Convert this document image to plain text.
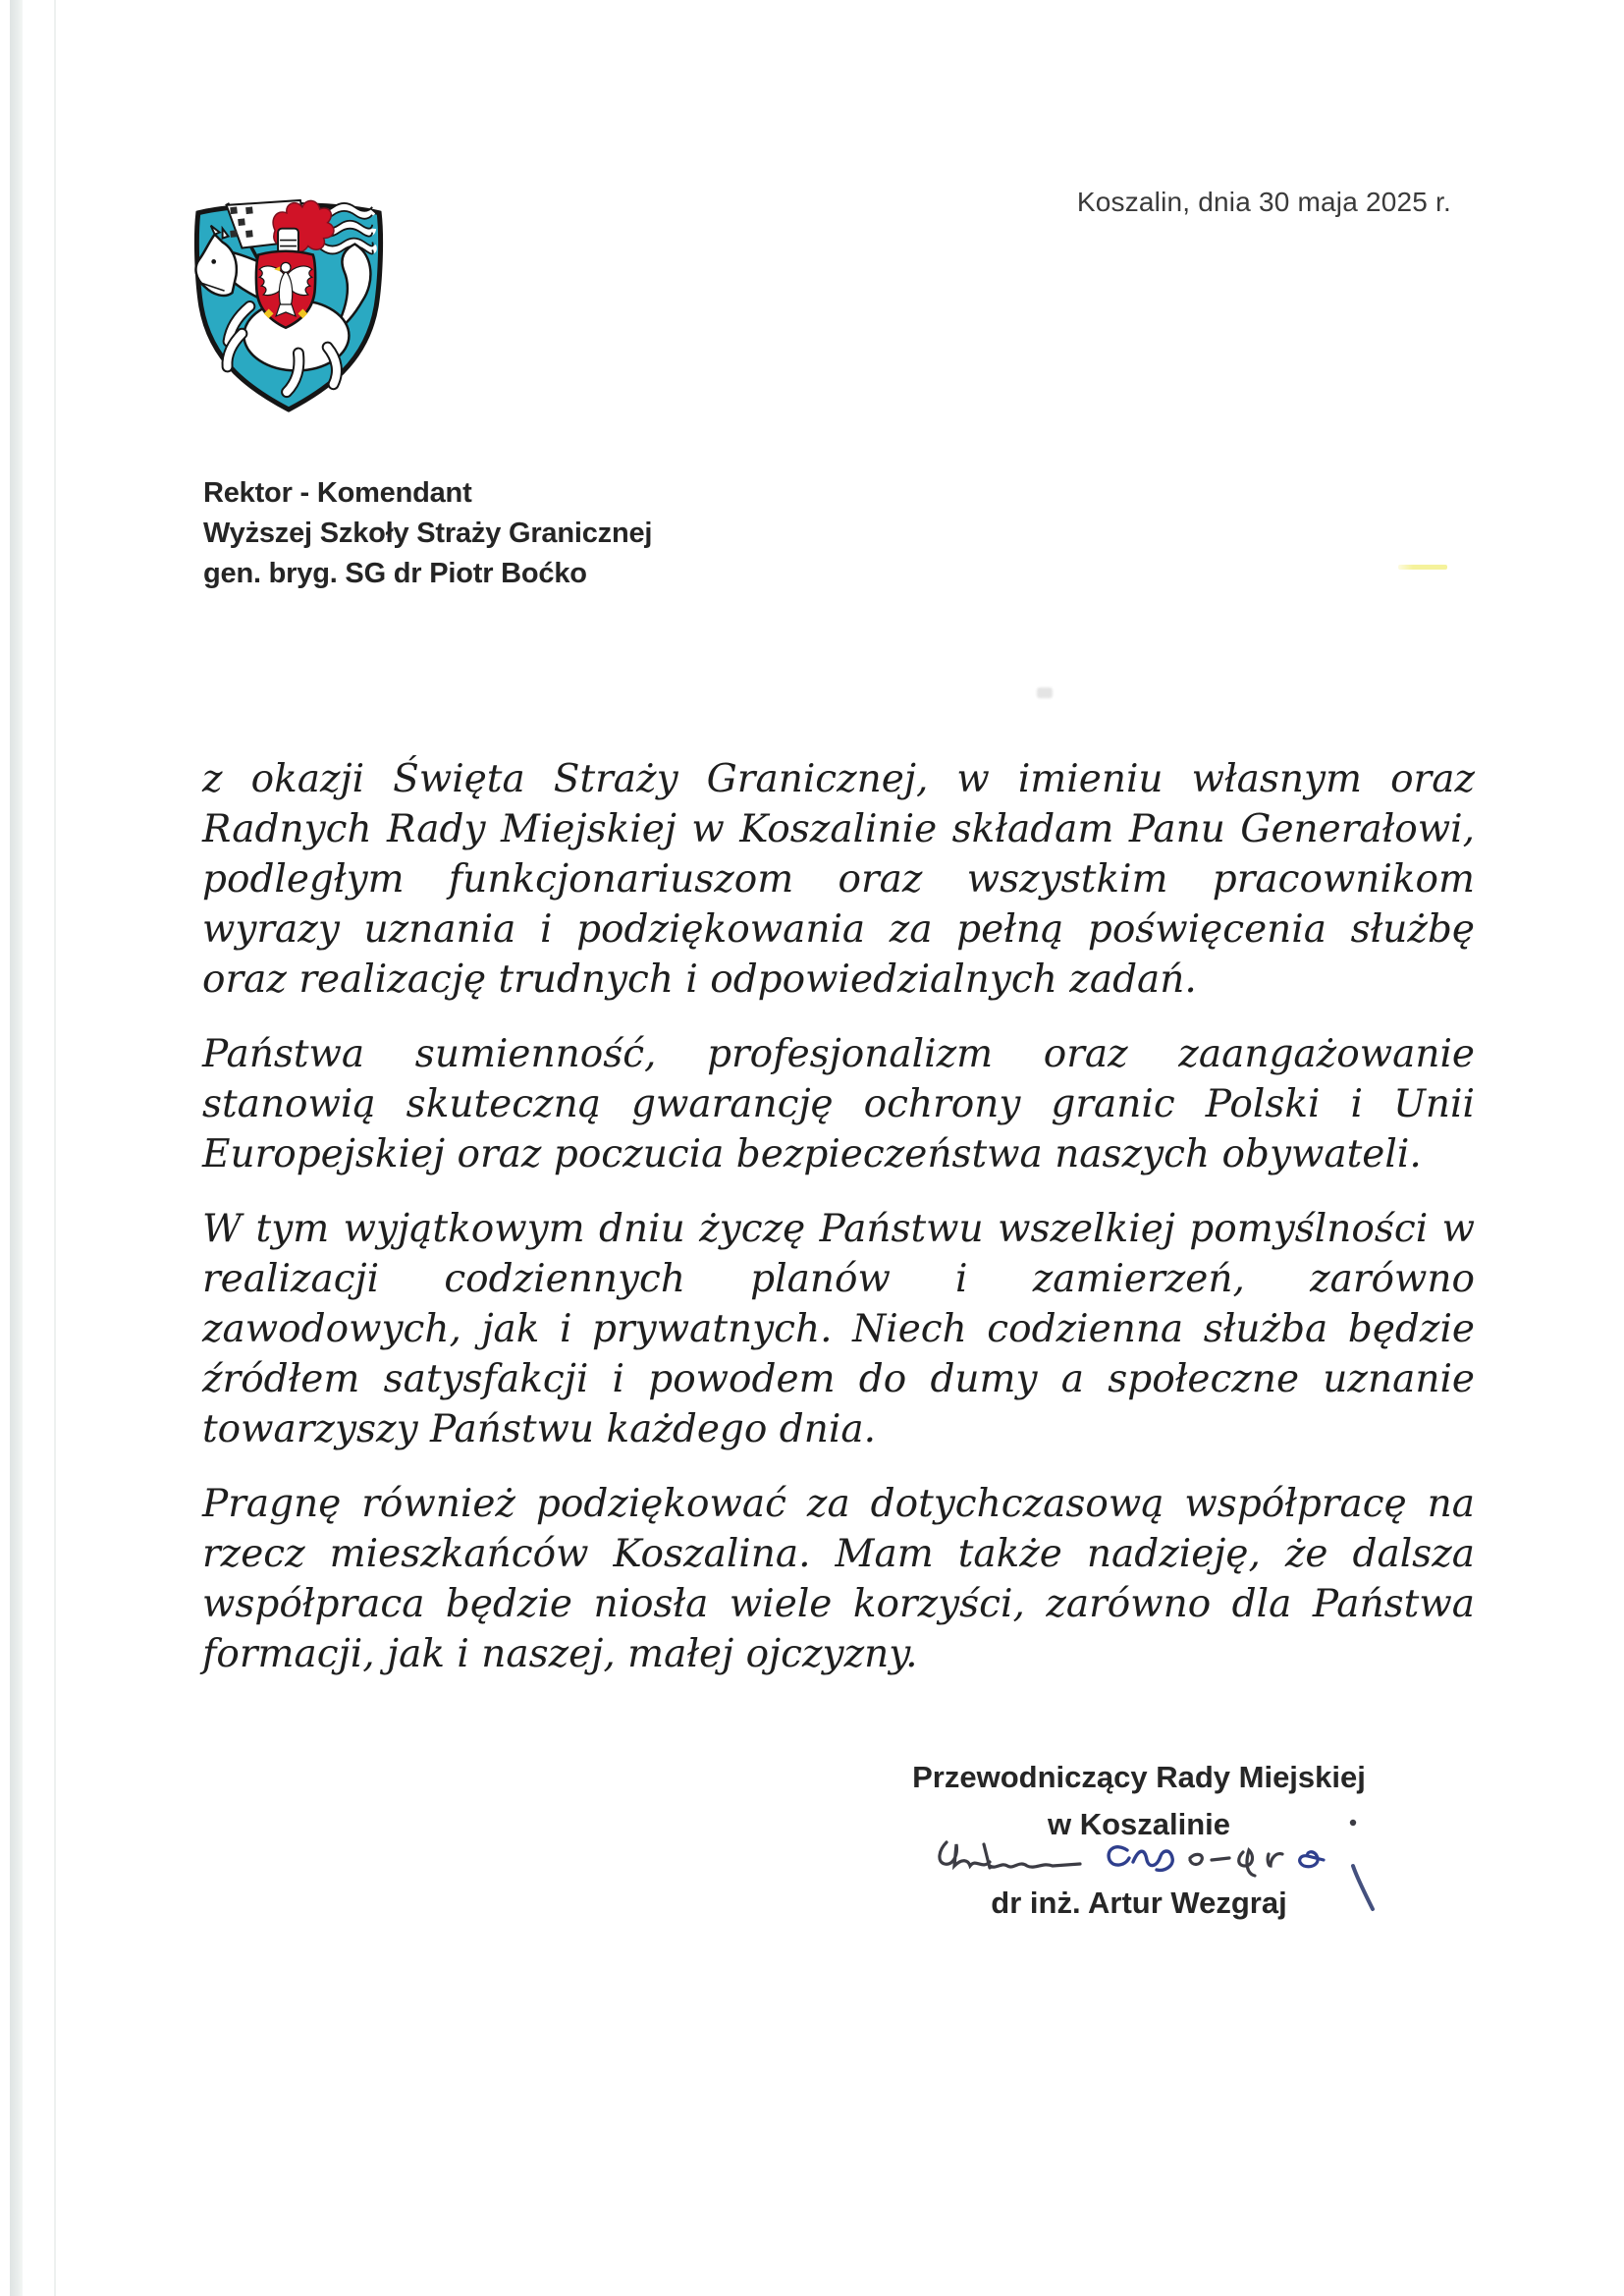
Koszalin, dnia 30 maja 2025 r.
Rektor - Komendant
Wyższej Szkoły Straży Granicznej
gen. bryg. SG dr Piotr Boćko

z okazji Święta Straży Granicznej, w imieniu własnym oraz Radnych Rady Miejskiej w Koszalinie składam Panu Generałowi, podległym funkcjonariuszom oraz wszystkim pracownikom wyrazy uznania i podziękowania za pełną poświęcenia służbę oraz realizację trudnych i odpowiedzialnych zadań.

Państwa sumienność, profesjonalizm oraz zaangażowanie stanowią skuteczną gwarancję ochrony granic Polski i Unii Europejskiej oraz poczucia bezpieczeństwa naszych obywateli.

W tym wyjątkowym dniu życzę Państwu wszelkiej pomyślności w realizacji codziennych planów i zamierzeń, zarówno zawodowych, jak i prywatnych. Niech codzienna służba będzie źródłem satysfakcji i powodem do dumy a społeczne uznanie towarzyszy Państwu każdego dnia.

Pragnę również podziękować za dotychczasową współpracę na rzecz mieszkańców Koszalina. Mam także nadzieję, że dalsza współpraca będzie niosła wiele korzyści, zarówno dla Państwa formacji, jak i naszej, małej ojczyzny.

Przewodniczący Rady Miejskiej
w Koszalinie
dr inż. Artur Wezgraj
